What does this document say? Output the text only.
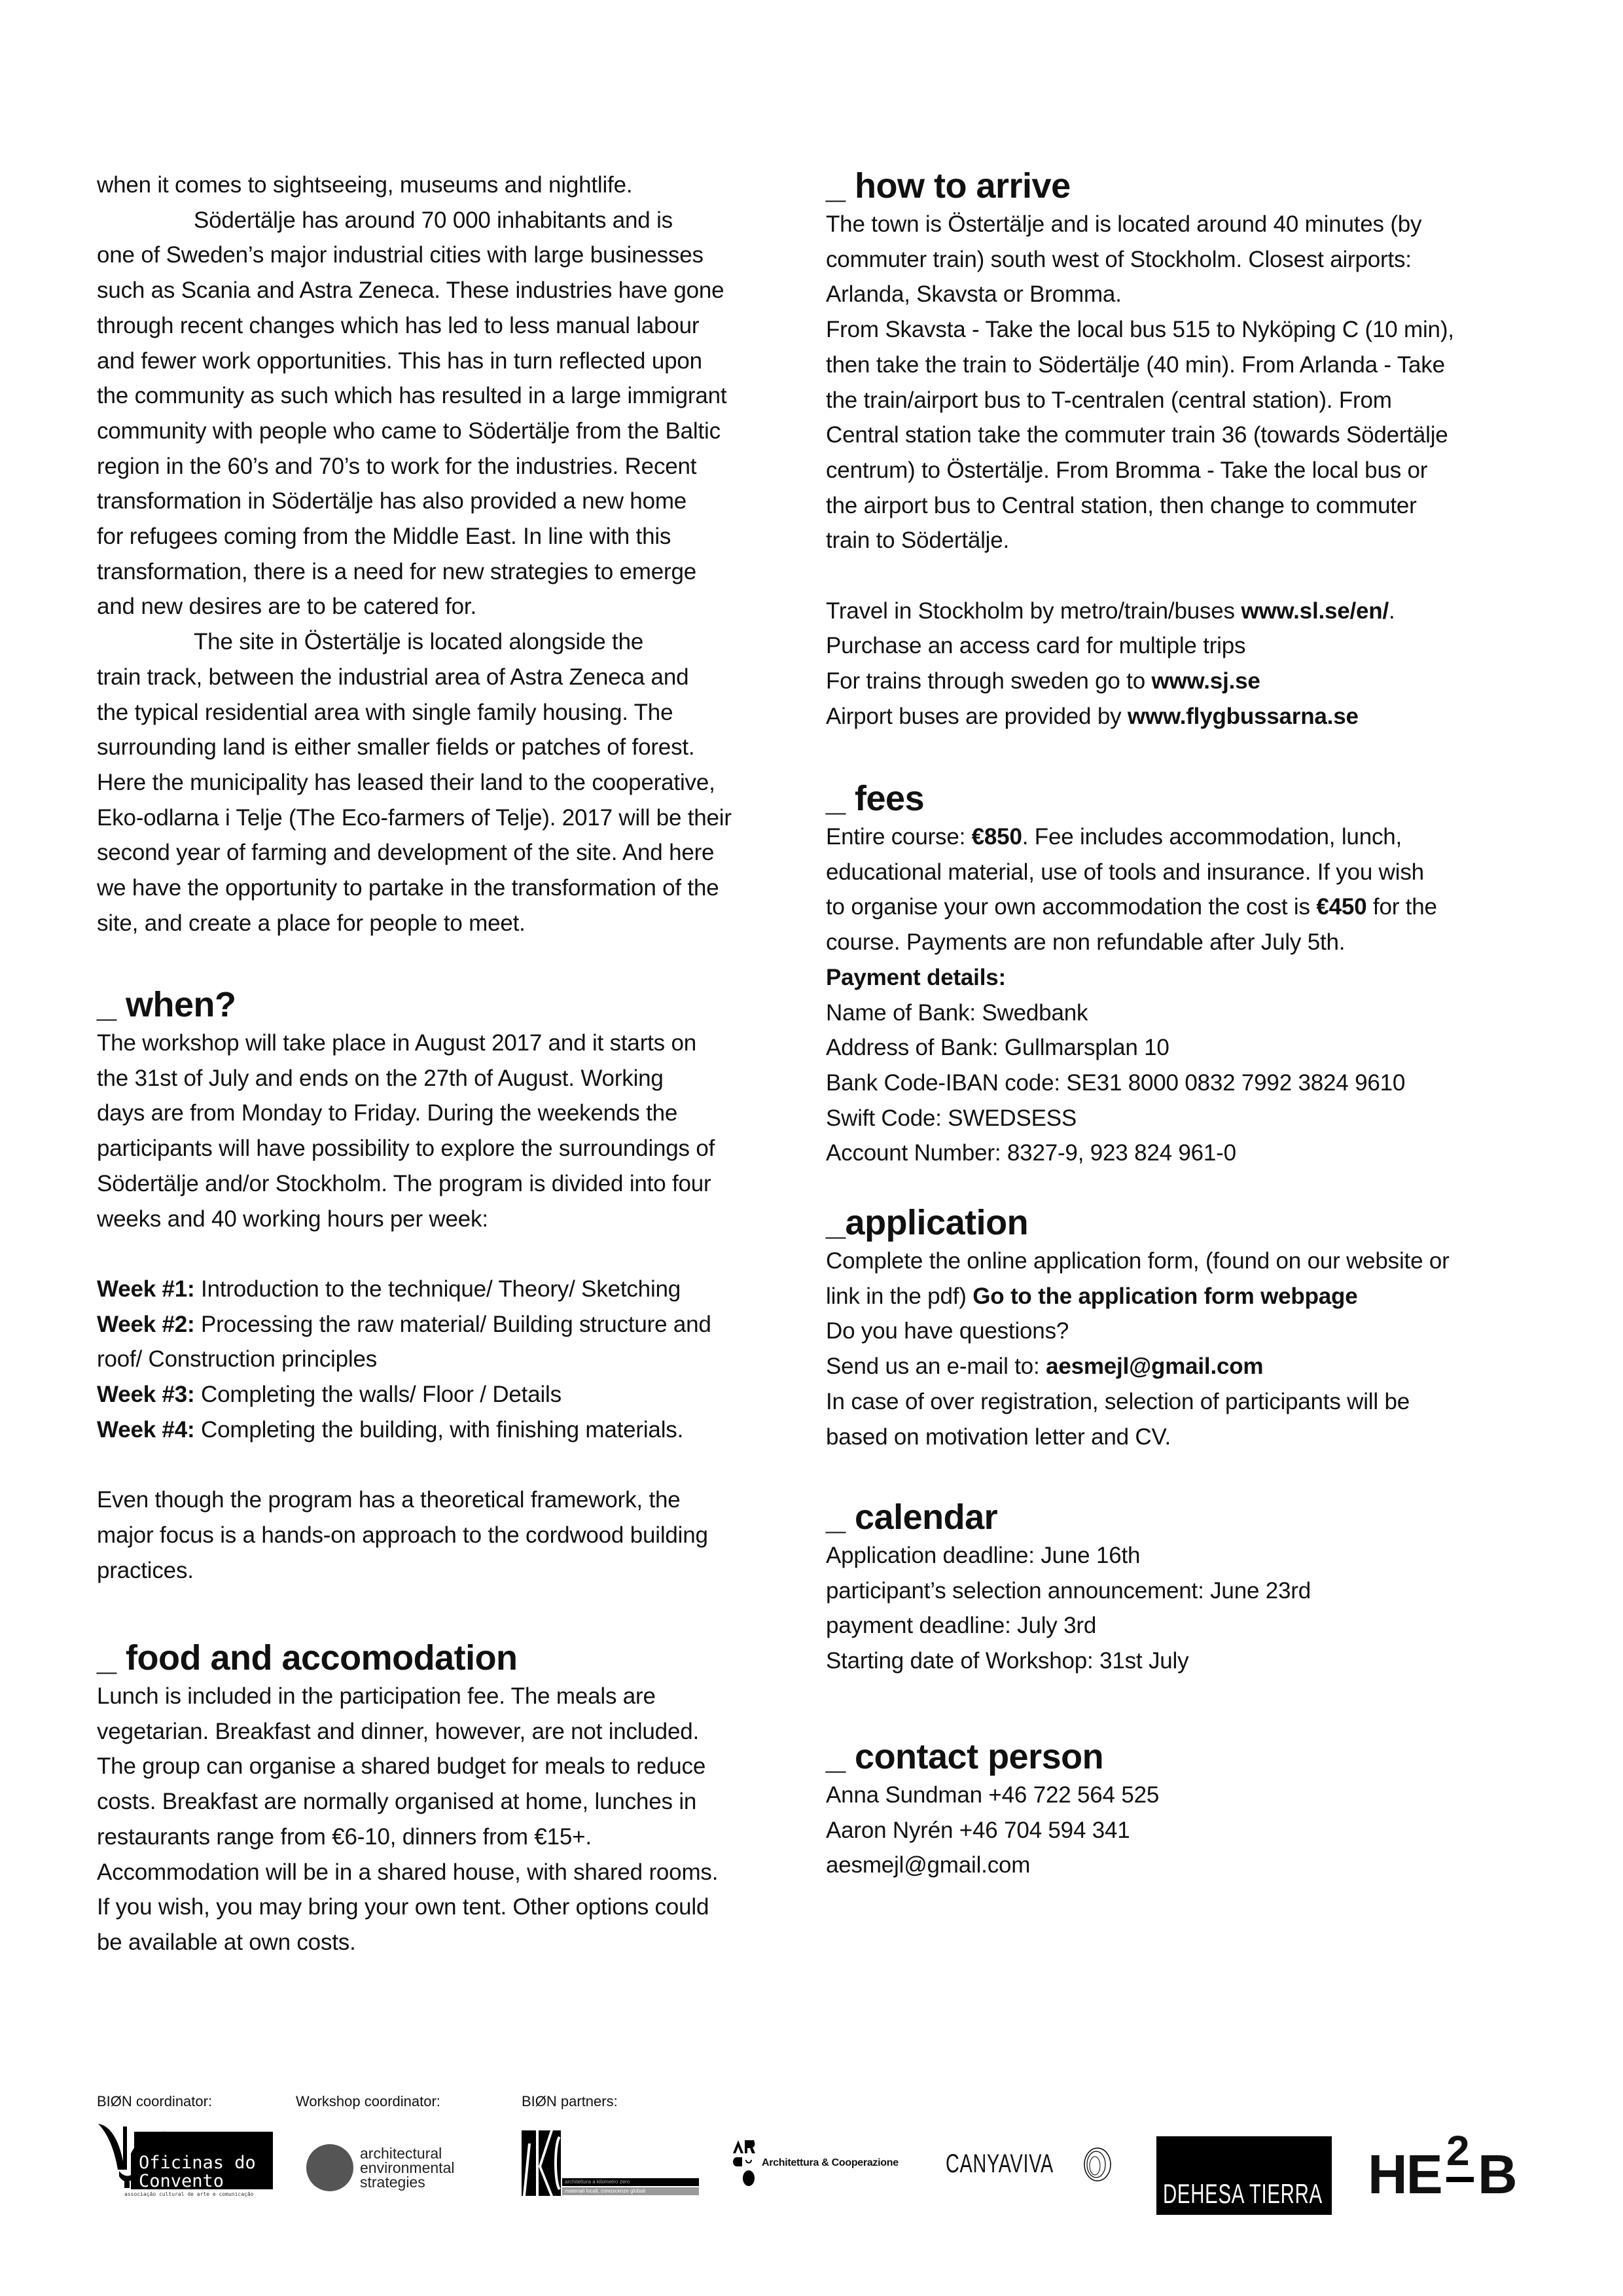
when it comes to sightseeing, museums and nightlife.
Södertälje has around 70 000 inhabitants and is
one of Sweden’s major industrial cities with large businesses
such as Scania and Astra Zeneca. These industries have gone
through recent changes which has led to less manual labour
and fewer work opportunities. This has in turn reflected upon
the community as such which has resulted in a large immigrant
community with people who came to Södertälje from the Baltic
region in the 60’s and 70’s to work for the industries. Recent
transformation in Södertälje has also provided a new home
for refugees coming from the Middle East. In line with this
transformation, there is a need for new strategies to emerge
and new desires are to be catered for.
The site in Östertälje is located alongside the
train track, between the industrial area of Astra Zeneca and
the typical residential area with single family housing. The
surrounding land is either smaller fields or patches of forest.
Here the municipality has leased their land to the cooperative,
Eko-odlarna i Telje (The Eco-farmers of Telje). 2017 will be their
second year of farming and development of the site. And here
we have the opportunity to partake in the transformation of the
site, and create a place for people to meet.
_ when?
The workshop will take place in August 2017 and it starts on
the 31st of July and ends on the 27th of August. Working
days are from Monday to Friday. During the weekends the
participants will have possibility to explore the surroundings of
Södertälje and/or Stockholm. The program is divided into four
weeks and 40 working hours per week:
Week #1: Introduction to the technique/ Theory/ Sketching
Week #2: Processing the raw material/ Building structure and
roof/ Construction principles
Week #3: Completing the walls/ Floor / Details
Week #4: Completing the building, with finishing materials.
Even though the program has a theoretical framework, the
major focus is a hands-on approach to the cordwood building
practices.
_ food and accomodation
Lunch is included in the participation fee. The meals are
vegetarian. Breakfast and dinner, however, are not included.
The group can organise a shared budget for meals to reduce
costs. Breakfast are normally organised at home, lunches in
restaurants range from €6-10, dinners from €15+.
Accommodation will be in a shared house, with shared rooms.
If you wish, you may bring your own tent. Other options could
be available at own costs.
_ how to arrive
The town is Östertälje and is located around 40 minutes (by
commuter train) south west of Stockholm. Closest airports:
Arlanda, Skavsta or Bromma.
From Skavsta - Take the local bus 515 to Nyköping C (10 min),
then take the train to Södertälje (40 min). From Arlanda - Take
the train/airport bus to T-centralen (central station). From
Central station take the commuter train 36 (towards Södertälje
centrum) to Östertälje. From Bromma - Take the local bus or
the airport bus to Central station, then change to commuter
train to Södertälje.
Travel in Stockholm by metro/train/buses www.sl.se/en/.
Purchase an access card for multiple trips
For trains through sweden go to www.sj.se
Airport buses are provided by www.flygbussarna.se
_ fees
Entire course: €850. Fee includes accommodation, lunch,
educational material, use of tools and insurance. If you wish
to organise your own accommodation the cost is €450 for the
course. Payments are non refundable after July 5th.
Payment details:
Name of Bank: Swedbank
Address of Bank: Gullmarsplan 10
Bank Code-IBAN code: SE31 8000 0832 7992 3824 9610
Swift Code: SWEDSESS
Account Number: 8327-9, 923 824 961-0
_application
Complete the online application form, (found on our website or
link in the pdf) Go to the application form webpage
Do you have questions?
Send us an e-mail to: aesmejl@gmail.com
In case of over registration, selection of participants will be
based on motivation letter and CV.
_ calendar
Application deadline: June 16th
participant’s selection announcement: June 23rd
payment deadline: July 3rd
Starting date of Workshop: 31st July
_ contact person
Anna Sundman +46 722 564 525
Aaron Nyrén +46 704 594 341
aesmejl@gmail.com
BIØN coordinator:	Workshop coordinator:	BIØN partners:
Oficinas do
Convento
associação cultural de arte e comunicação
architectural
environmental
strategies	architettura a kilometro zero
materiali locali, conoscenze globali
Architettura & Cooperazione CANYAVIVA
DEHESA TIERRA HE 2 B
